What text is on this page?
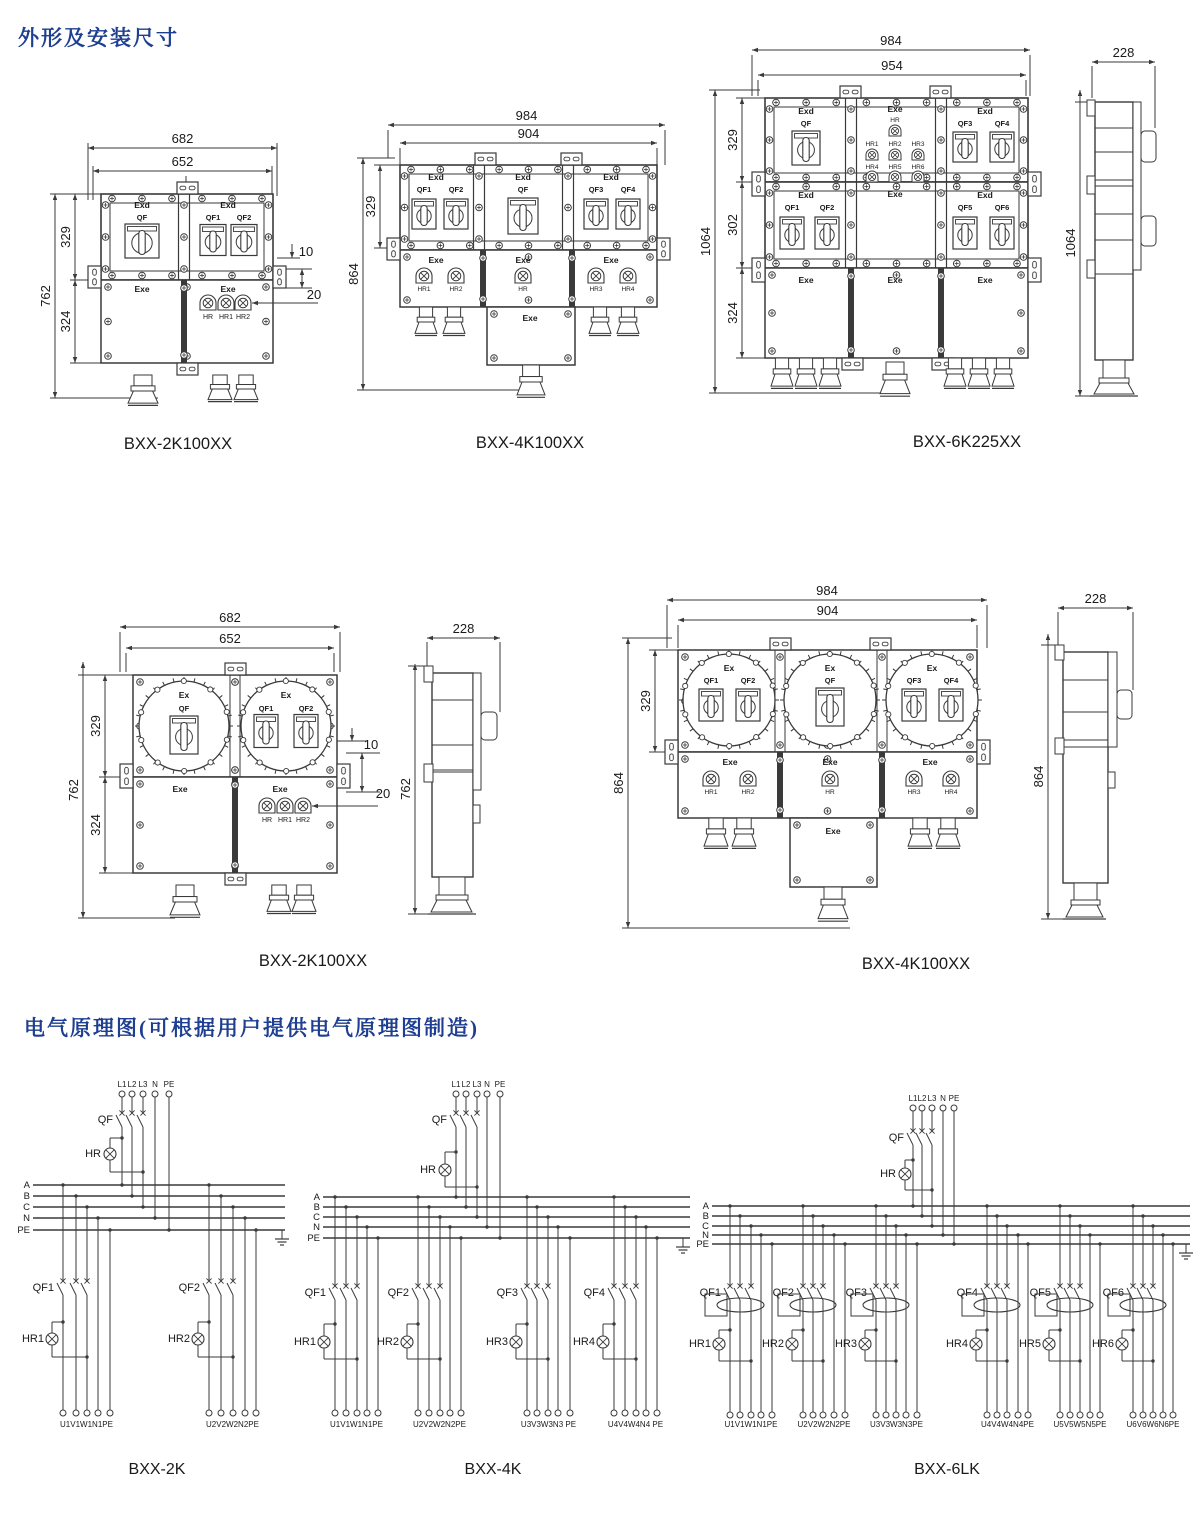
外形及安装尺寸
电气原理图(可根据用户提供电气原理图制造)
682
652
329
324
762
Exd	Exd
QF	QF1 QF2
Exe	Exe
HR HR1 HR2
10
20
BXX-2K100XX
984
904
864
329
Exd	Exd	Exd
QF1 QF2	QF	QF3 QF4
Exe	Exe	Exe
HR1	HR2	HR	HR3	HR4
Exe
BXX-4K100XX
984
954
1064
329
302
324
Exd
QF
Exe
HR
HR1 HR2 HR3
HR4 HR5 HR6
Exd
QF3	QF4
Exd
QF1	QF2
Exe	Exd
QF5	QF6
Exe	Exe	Exe
BXX-6K225XX
228
1064
682
652
762
329
324
Ex	Ex
QF	QF1	QF2
Exe	Exe
HR HR1 HR2
10
20
BXX-2K100XX
228
762
984
904
864
329
Ex	Ex	Ex
QF1	QF2	QF	QF3	QF4
Exe	Exe	Exe
HR1	HR2	HR	HR3	HR4
Exe
BXX-4K100XX
228
864
L1 L2 L3 N PE
QF
HR
A
B
C
N
PE
QF1
HR1
U1V1W1N1PE
QF2
HR2
U2V2W2N2PE
BXX-2K
L1 L2 L3 N PE
QF
HR
A
B
C
N
PE
QF1
HR1
U1V1W1N1PE
QF2
HR2
U2V2W2N2PE
QF3
HR3
U3V3W3N3 PE
QF4
HR4
U4V4W4N4 PE
BXX-4K
L1 L2 L3 N PE
QF
HR
A
B
C
N
PE
QF1
HR1
U1V1W1N1PE
QF2
HR2
U2V2W2N2PE
QF3
HR3
U3V3W3N3PE
QF4
HR4
U4V4W4N4PE
QF5
HR5
U5V5W5N5PE
QF6
HR6
U6V6W6N6PE
BXX-6LK
